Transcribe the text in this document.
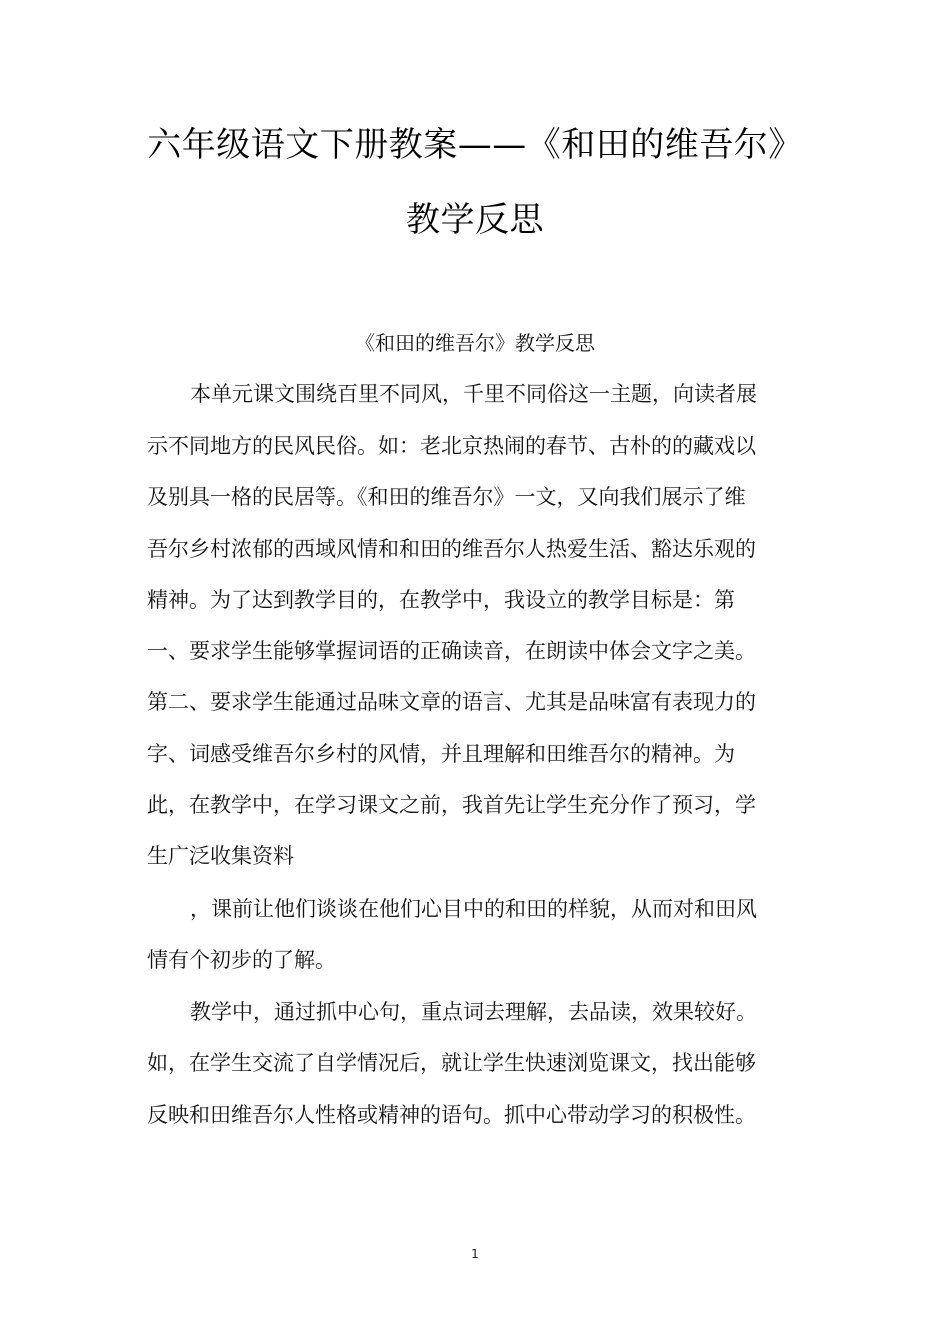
六年级语文下册教案——《和田的维吾尔》
教学反思
《和田的维吾尔》教学反思
本单元课文围绕百里不同风，千里不同俗这一主题，向读者展
示不同地方的民风民俗。如：老北京热闹的春节、古朴的的藏戏以
及别具一格的民居等。《和田的维吾尔》一文，又向我们展示了维
吾尔乡村浓郁的西域风情和和田的维吾尔人热爱生活、豁达乐观的
精神。为了达到教学目的，在教学中，我设立的教学目标是：第
一、要求学生能够掌握词语的正确读音，在朗读中体会文字之美。
第二、要求学生能通过品味文章的语言、尤其是品味富有表现力的
字、词感受维吾尔乡村的风情，并且理解和田维吾尔的精神。为
此，在教学中，在学习课文之前，我首先让学生充分作了预习，学
生广泛收集资料
，课前让他们谈谈在他们心目中的和田的样貌，从而对和田风
情有个初步的了解。
教学中，通过抓中心句，重点词去理解，去品读，效果较好。
如，在学生交流了自学情况后，就让学生快速浏览课文，找出能够
反映和田维吾尔人性格或精神的语句。抓中心带动学习的积极性。
1
